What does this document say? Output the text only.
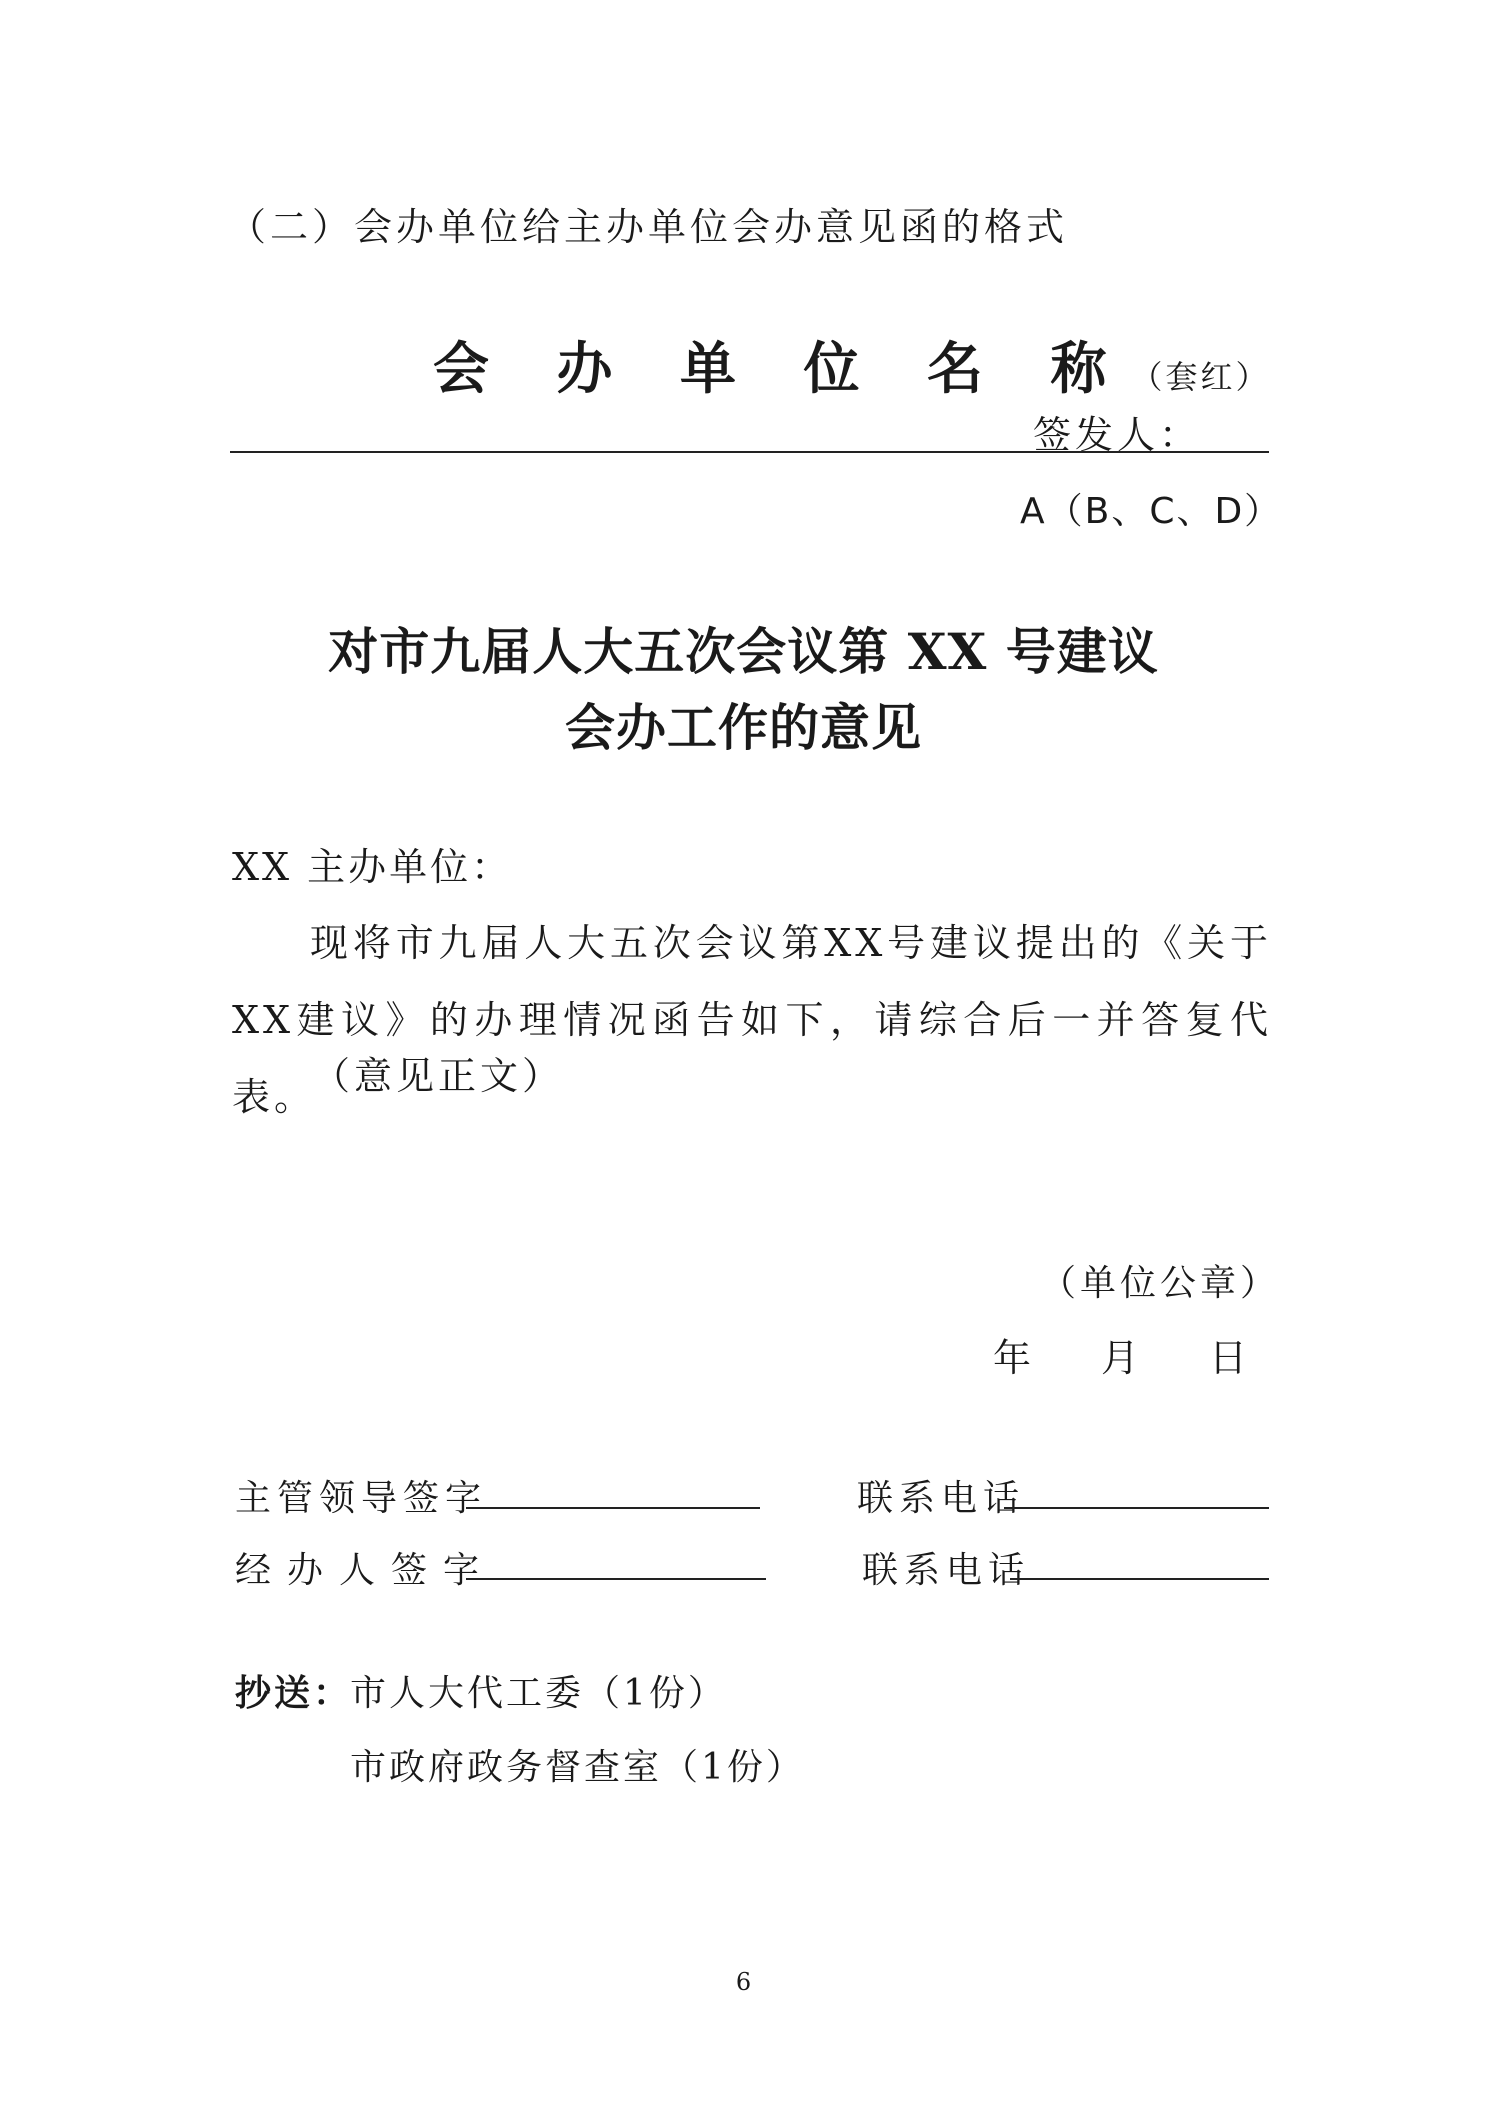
（二）会办单位给主办单位会办意见函的格式
会 办 单 位 名 称（套红）
签发人：
A（B、C、D）
对市九届人大五次会议第 XX 号建议
会办工作的意见
XX 主办单位：
现将市九届人大五次会议第XX号建议提出的《关于XX建议》的办理情况函告如下，请综合后一并答复代表。
（意见正文）
（单位公章）
年 月 日
主管领导签字	联系电话
经办人签字	联系电话
抄送：
市人大代工委（1份）
市政府政务督查室（1份）
6
